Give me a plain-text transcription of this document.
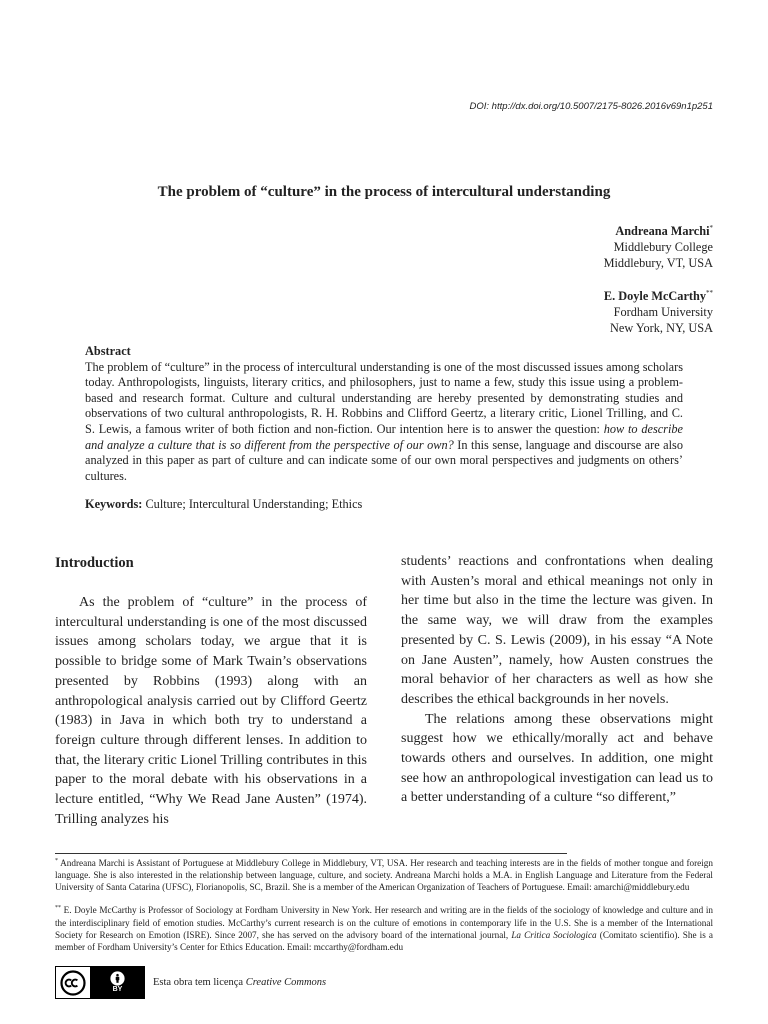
DOI: http://dx.doi.org/10.5007/2175-8026.2016v69n1p251
The problem of “culture” in the process of intercultural understanding
Andreana Marchi*
Middlebury College
Middlebury, VT, USA
E. Doyle McCarthy**
Fordham University
New York, NY, USA
Abstract
The problem of “culture” in the process of intercultural understanding is one of the most discussed issues among scholars today. Anthropologists, linguists, literary critics, and philosophers, just to name a few, study this issue using a problem-based and research format. Culture and cultural understanding are hereby presented by demonstrating studies and observations of two cultural anthropologists, R. H. Robbins and Clifford Geertz, a literary critic, Lionel Trilling, and C. S. Lewis, a famous writer of both fiction and non-fiction. Our intention here is to answer the question: how to describe and analyze a culture that is so different from the perspective of our own? In this sense, language and discourse are also analyzed in this paper as part of culture and can indicate some of our own moral perspectives and judgments on others’ cultures.
Keywords: Culture; Intercultural Understanding; Ethics
Introduction

As the problem of “culture” in the process of intercultural understanding is one of the most discussed issues among scholars today, we argue that it is possible to bridge some of Mark Twain’s observations presented by Robbins (1993) along with an anthropological analysis carried out by Clifford Geertz (1983) in Java in which both try to understand a foreign culture through different lenses. In addition to that, the literary critic Lionel Trilling contributes in this paper to the moral debate with his observations in a lecture entitled, “Why We Read Jane Austen” (1974). Trilling analyzes his

students’ reactions and confrontations when dealing with Austen’s moral and ethical meanings not only in her time but also in the time the lecture was given. In the same way, we will draw from the examples presented by C. S. Lewis (2009), in his essay “A Note on Jane Austen”, namely, how Austen construes the moral behavior of her characters as well as how she describes the ethical backgrounds in her novels.

The relations among these observations might suggest how we ethically/morally act and behave towards others and ourselves. In addition, one might see how an anthropological investigation can lead us to a better understanding of a culture “so different,”

* Andreana Marchi is Assistant of Portuguese at Middlebury College in Middlebury, VT, USA. Her research and teaching interests are in the fields of mother tongue and foreign language. She is also interested in the relationship between language, culture, and society. Andreana Marchi holds a M.A. in English Language and Literature from the Federal University of Santa Catarina (UFSC), Florianopolis, SC, Brazil. She is a member of the American Organization of Teachers of Portuguese. Email: amarchi@middlebury.edu

** E. Doyle McCarthy is Professor of Sociology at Fordham University in New York. Her research and writing are in the fields of the sociology of knowledge and culture and in the interdisciplinary field of emotion studies. McCarthy’s current research is on the culture of emotions in contemporary life in the U.S. She is a member of the International Society for Research on Emotion (ISRE). Since 2007, she has served on the advisory board of the international journal, La Critica Sociologica (Comitato scientifio). She is a member of Fordham University’s Center for Ethics Education. Email: mccarthy@fordham.edu

BY
Esta obra tem licença Creative Commons
